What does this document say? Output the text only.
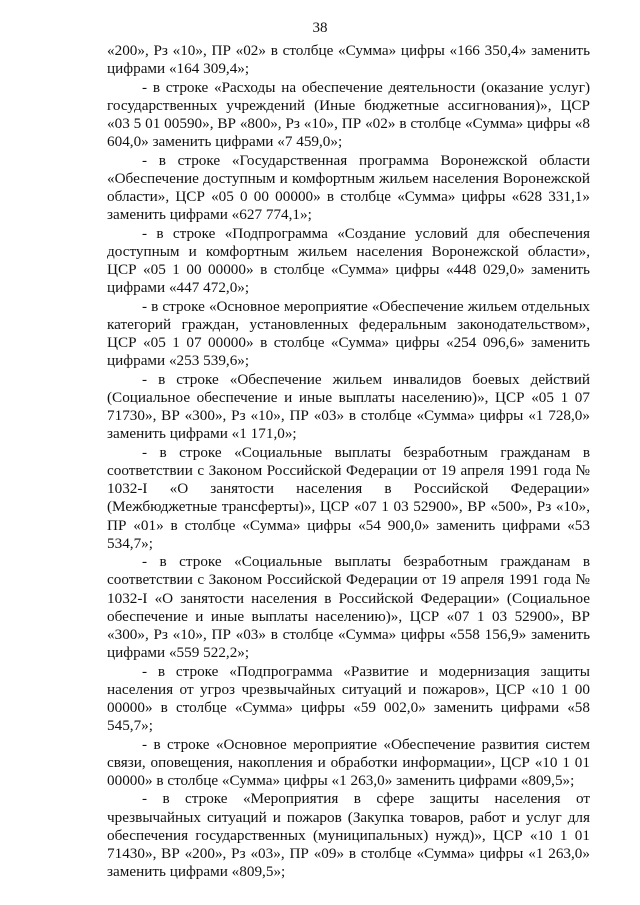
38

«200», Рз «10», ПР «02» в столбце «Сумма» цифры «166 350,4» заменить цифрами «164 309,4»;

- в строке «Расходы на обеспечение деятельности (оказание услуг) государственных учреждений (Иные бюджетные ассигнования)», ЦСР «03 5 01 00590», ВР «800», Рз «10», ПР «02» в столбце «Сумма» цифры «8 604,0» заменить цифрами «7 459,0»;

- в строке «Государственная программа Воронежской области «Обеспечение доступным и комфортным жильем населения Воронежской области», ЦСР «05 0 00 00000» в столбце «Сумма» цифры «628 331,1» заменить цифрами «627 774,1»;

- в строке «Подпрограмма «Создание условий для обеспечения доступным и комфортным жильем населения Воронежской области», ЦСР «05 1 00 00000» в столбце «Сумма» цифры «448 029,0» заменить цифрами «447 472,0»;

- в строке «Основное мероприятие «Обеспечение жильем отдельных категорий граждан, установленных федеральным законодательством», ЦСР «05 1 07 00000» в столбце «Сумма» цифры «254 096,6» заменить цифрами «253 539,6»;

- в строке «Обеспечение жильем инвалидов боевых действий (Социальное обеспечение и иные выплаты населению)», ЦСР «05 1 07 71730», ВР «300», Рз «10», ПР «03» в столбце «Сумма» цифры «1 728,0» заменить цифрами «1 171,0»;

- в строке «Социальные выплаты безработным гражданам в соответствии с Законом Российской Федерации от 19 апреля 1991 года № 1032-I «О занятости населения в Российской Федерации» (Межбюджетные трансферты)», ЦСР «07 1 03 52900», ВР «500», Рз «10», ПР «01» в столбце «Сумма» цифры «54 900,0» заменить цифрами «53 534,7»;

- в строке «Социальные выплаты безработным гражданам в соответствии с Законом Российской Федерации от 19 апреля 1991 года № 1032-I «О занятости населения в Российской Федерации» (Социальное обеспечение и иные выплаты населению)», ЦСР «07 1 03 52900», ВР «300», Рз «10», ПР «03» в столбце «Сумма» цифры «558 156,9» заменить цифрами «559 522,2»;

- в строке «Подпрограмма «Развитие и модернизация защиты населения от угроз чрезвычайных ситуаций и пожаров», ЦСР «10 1 00 00000» в столбце «Сумма» цифры «59 002,0» заменить цифрами «58 545,7»;

- в строке «Основное мероприятие «Обеспечение развития систем связи, оповещения, накопления и обработки информации», ЦСР «10 1 01 00000» в столбце «Сумма» цифры «1 263,0» заменить цифрами «809,5»;

- в строке «Мероприятия в сфере защиты населения от чрезвычайных ситуаций и пожаров (Закупка товаров, работ и услуг для обеспечения государственных (муниципальных) нужд)», ЦСР «10 1 01 71430», ВР «200», Рз «03», ПР «09» в столбце «Сумма» цифры «1 263,0» заменить цифрами «809,5»;
